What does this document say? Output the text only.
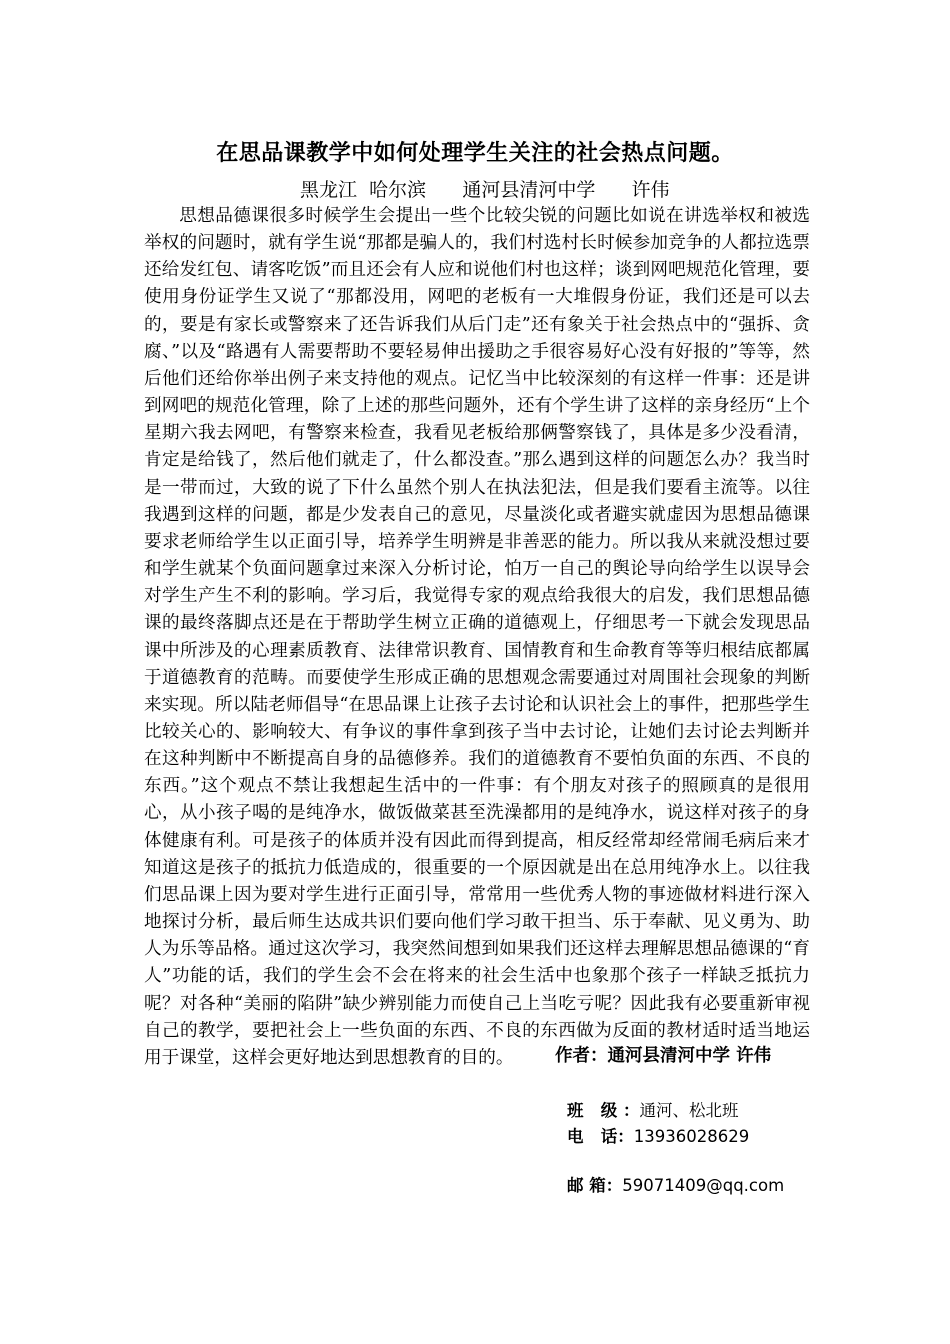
在思品课教学中如何处理学生关注的社会热点问题。
黑龙江  哈尔滨      通河县清河中学      许伟

思想品德课很多时候学生会提出一些个比较尖锐的问题比如说在讲选举权和被选举权的问题时，就有学生说“那都是骗人的，我们村选村长时候参加竞争的人都拉选票还给发红包、请客吃饭”而且还会有人应和说他们村也这样；谈到网吧规范化管理，要使用身份证学生又说了“那都没用，网吧的老板有一大堆假身份证，我们还是可以去的，要是有家长或警察来了还告诉我们从后门走”还有象关于社会热点中的“强拆、贪腐、”以及“路遇有人需要帮助不要轻易伸出援助之手很容易好心没有好报的”等等，然后他们还给你举出例子来支持他的观点。记忆当中比较深刻的有这样一件事：还是讲到网吧的规范化管理，除了上述的那些问题外，还有个学生讲了这样的亲身经历“上个星期六我去网吧，有警察来检查，我看见老板给那俩警察钱了，具体是多少没看清，肯定是给钱了，然后他们就走了，什么都没查。”那么遇到这样的问题怎么办？我当时是一带而过，大致的说了下什么虽然个别人在执法犯法，但是我们要看主流等。以往我遇到这样的问题，都是少发表自己的意见，尽量淡化或者避实就虚因为思想品德课要求老师给学生以正面引导，培养学生明辨是非善恶的能力。所以我从来就没想过要和学生就某个负面问题拿过来深入分析讨论，怕万一自己的舆论导向给学生以误导会对学生产生不利的影响。学习后，我觉得专家的观点给我很大的启发，我们思想品德课的最终落脚点还是在于帮助学生树立正确的道德观上，仔细思考一下就会发现思品课中所涉及的心理素质教育、法律常识教育、国情教育和生命教育等等归根结底都属于道德教育的范畴。而要使学生形成正确的思想观念需要通过对周围社会现象的判断来实现。所以陆老师倡导“在思品课上让孩子去讨论和认识社会上的事件，把那些学生比较关心的、影响较大、有争议的事件拿到孩子当中去讨论，让她们去讨论去判断并在这种判断中不断提高自身的品德修养。我们的道德教育不要怕负面的东西、不良的东西。”这个观点不禁让我想起生活中的一件事：有个朋友对孩子的照顾真的是很用心，从小孩子喝的是纯净水，做饭做菜甚至洗澡都用的是纯净水，说这样对孩子的身体健康有利。可是孩子的体质并没有因此而得到提高，相反经常却经常闹毛病后来才知道这是孩子的抵抗力低造成的，很重要的一个原因就是出在总用纯净水上。以往我们思品课上因为要对学生进行正面引导，常常用一些优秀人物的事迹做材料进行深入地探讨分析，最后师生达成共识们要向他们学习敢干担当、乐于奉献、见义勇为、助人为乐等品格。通过这次学习，我突然间想到如果我们还这样去理解思想品德课的“育人”功能的话，我们的学生会不会在将来的社会生活中也象那个孩子一样缺乏抵抗力呢？对各种“美丽的陷阱”缺少辨别能力而使自己上当吃亏呢？因此我有必要重新审视自己的教学，要把社会上一些负面的东西、不良的东西做为反面的教材适时适当地运用于课堂，这样会更好地达到思想教育的目的。	作者：通河县清河中学 许伟
班   级 ：通河、松北班
电   话：13936028629
邮 箱：59071409@qq.com
